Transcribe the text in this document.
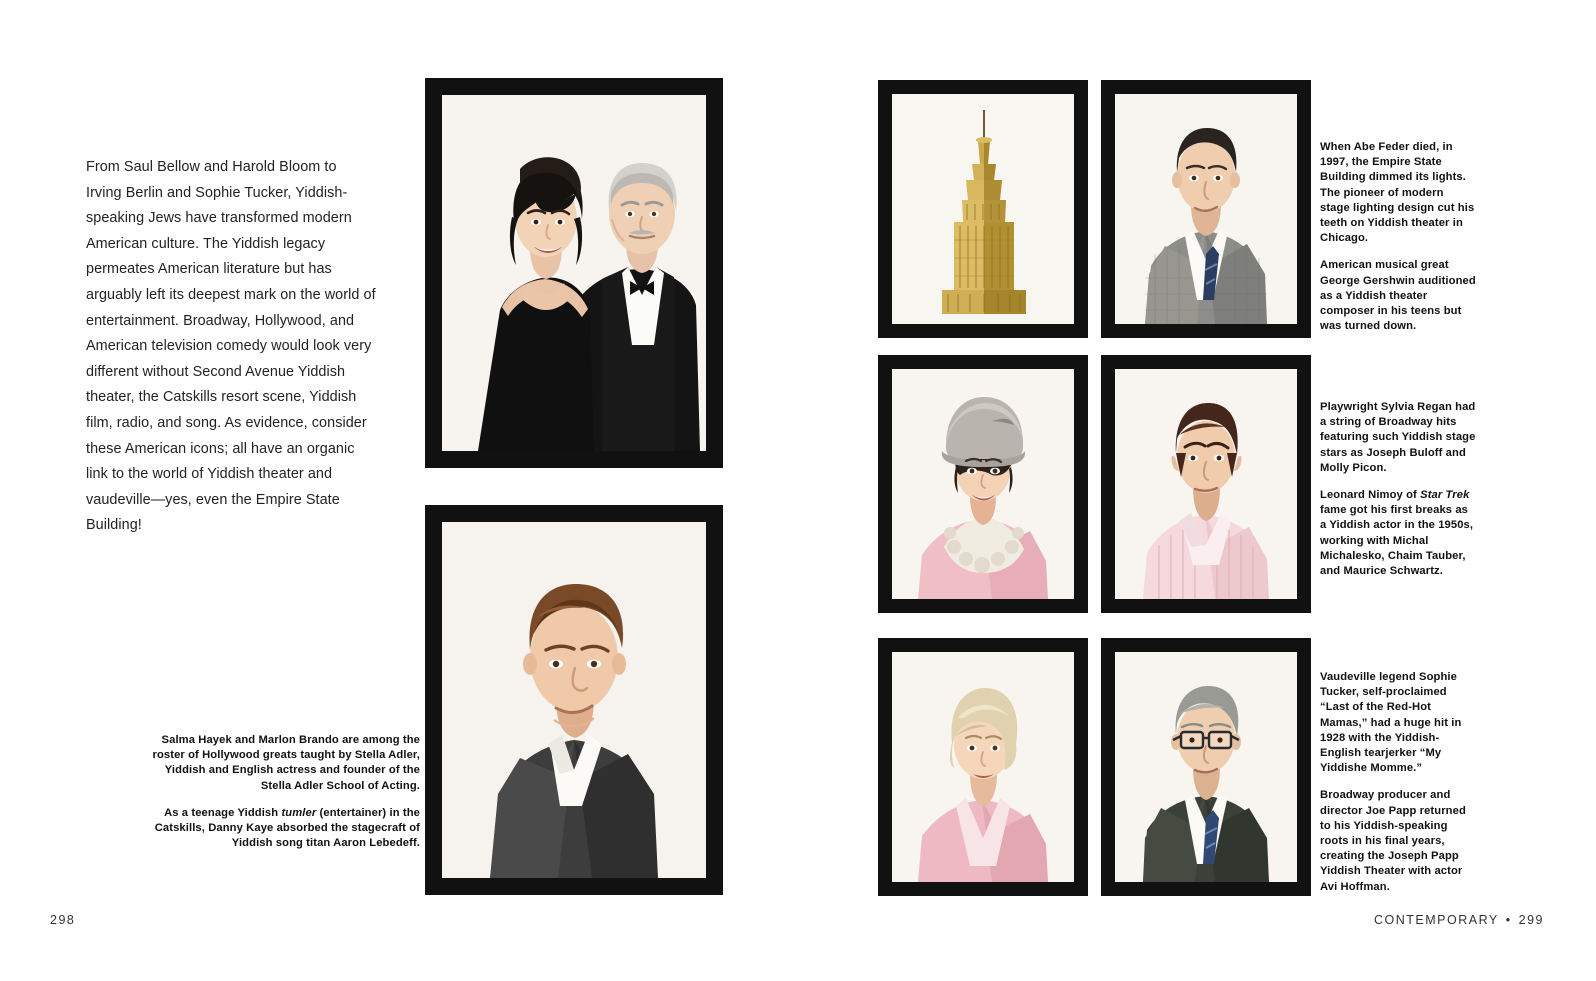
From Saul Bellow and Harold Bloom to Irving Berlin and Sophie Tucker, Yiddish-speaking Jews have transformed modern American culture. The Yiddish legacy permeates American literature but has arguably left its deepest mark on the world of entertainment. Broadway, Hollywood, and American television comedy would look very different without Second Avenue Yiddish theater, the Catskills resort scene, Yiddish film, radio, and song. As evidence, consider these American icons; all have an organic link to the world of Yiddish theater and vaudeville—yes, even the Empire State Building!

Salma Hayek and Marlon Brando are among the roster of Hollywood greats taught by Stella Adler, Yiddish and English actress and founder of the Stella Adler School of Acting.

As a teenage Yiddish tumler (entertainer) in the Catskills, Danny Kaye absorbed the stagecraft of Yiddish song titan Aaron Lebedeff.

298

When Abe Feder died, in 1997, the Empire State Building dimmed its lights. The pioneer of modern stage lighting design cut his teeth on Yiddish theater in Chicago.

American musical great George Gershwin auditioned as a Yiddish theater composer in his teens but was turned down.

Playwright Sylvia Regan had a string of Broadway hits featuring such Yiddish stage stars as Joseph Buloff and Molly Picon.

Leonard Nimoy of Star Trek fame got his first breaks as a Yiddish actor in the 1950s, working with Michal Michalesko, Chaim Tauber, and Maurice Schwartz.

Vaudeville legend Sophie Tucker, self-proclaimed “Last of the Red-Hot Mamas,” had a huge hit in 1928 with the Yiddish-English tearjerker “My Yiddishe Momme.”

Broadway producer and director Joe Papp returned to his Yiddish-speaking roots in his final years, creating the Joseph Papp Yiddish Theater with actor Avi Hoffman.

CONTEMPORARY • 299
